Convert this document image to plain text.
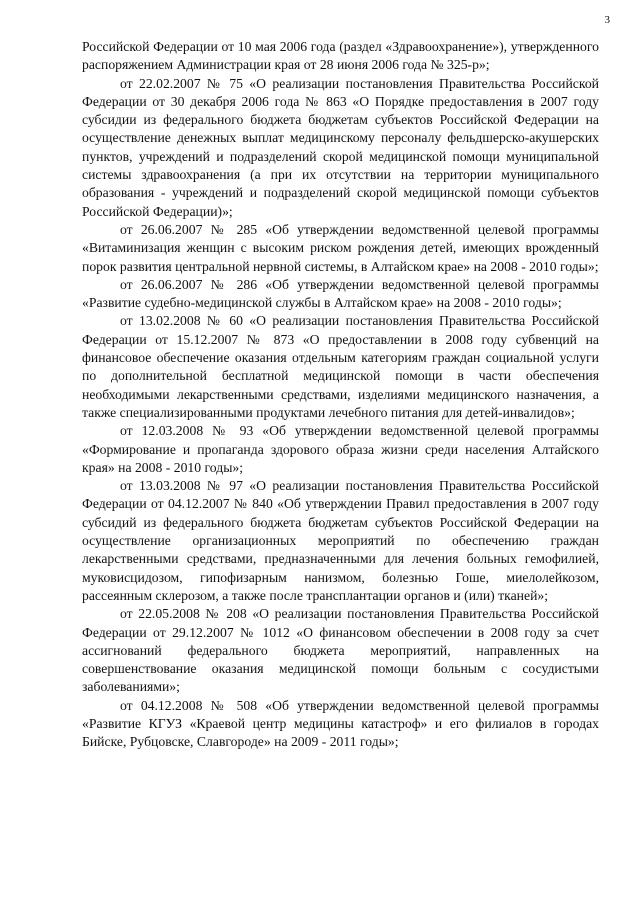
3

Российской Федерации от 10 мая 2006 года (раздел «Здравоохранение»), утвержденного распоряжением Администрации края от 28 июня 2006 года № 325-р»;

от 22.02.2007 № 75 «О реализации постановления Правительства Российской Федерации от 30 декабря 2006 года № 863 «О Порядке предоставления в 2007 году субсидии из федерального бюджета бюджетам субъектов Российской Федерации на осуществление денежных выплат медицинскому персоналу фельдшерско-акушерских пунктов, учреждений и подразделений скорой медицинской помощи муниципальной системы здравоохранения (а при их отсутствии на территории муниципального образования - учреждений и подразделений скорой медицинской помощи субъектов Российской Федерации)»;

от 26.06.2007 № 285 «Об утверждении ведомственной целевой программы «Витаминизация женщин с высоким риском рождения детей, имеющих врожденный порок развития центральной нервной системы, в Алтайском крае» на 2008 - 2010 годы»;

от 26.06.2007 № 286 «Об утверждении ведомственной целевой программы «Развитие судебно-медицинской службы в Алтайском крае» на 2008 - 2010 годы»;

от 13.02.2008 № 60 «О реализации постановления Правительства Российской Федерации от 15.12.2007 № 873 «О предоставлении в 2008 году субвенций на финансовое обеспечение оказания отдельным категориям граждан социальной услуги по дополнительной бесплатной медицинской помощи в части обеспечения необходимыми лекарственными средствами, изделиями медицинского назначения, а также специализированными продуктами лечебного питания для детей-инвалидов»;

от 12.03.2008 № 93 «Об утверждении ведомственной целевой программы «Формирование и пропаганда здорового образа жизни среди населения Алтайского края» на 2008 - 2010 годы»;

от 13.03.2008 № 97 «О реализации постановления Правительства Российской Федерации от 04.12.2007 № 840 «Об утверждении Правил предоставления в 2007 году субсидий из федерального бюджета бюджетам субъектов Российской Федерации на осуществление организационных мероприятий по обеспечению граждан лекарственными средствами, предназначенными для лечения больных гемофилией, муковисцидозом, гипофизарным нанизмом, болезнью Гоше, миелолейкозом, рассеянным склерозом, а также после трансплантации органов и (или) тканей»;

от 22.05.2008 № 208 «О реализации постановления Правительства Российской Федерации от 29.12.2007 № 1012 «О финансовом обеспечении в 2008 году за счет ассигнований федерального бюджета мероприятий, направленных на совершенствование оказания медицинской помощи больным с сосудистыми заболеваниями»;

от 04.12.2008 № 508 «Об утверждении ведомственной целевой программы «Развитие КГУЗ «Краевой центр медицины катастроф» и его филиалов в городах Бийске, Рубцовске, Славгороде» на 2009 - 2011 годы»;
